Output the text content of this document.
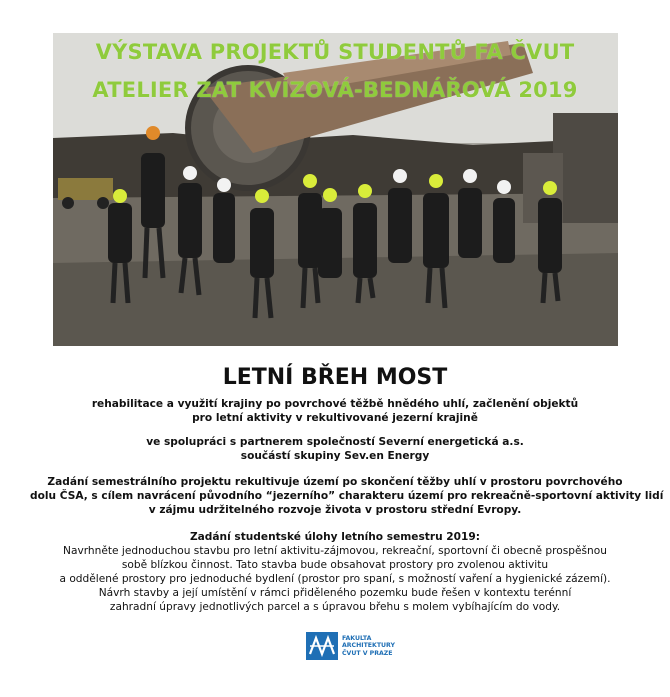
VÝSTAVA PROJEKTŮ STUDENTŮ FA ČVUT
ATELIER ZAT KVÍZOVÁ-BEDNÁŘOVÁ 2019
LETNÍ BŘEH MOST
rehabilitace a využití krajiny po povrchové těžbě hnědého uhlí, začlenění objektů
pro letní aktivity v rekultivované jezerní krajině
ve spolupráci s partnerem společností Severní energetická a.s.
součástí skupiny Sev.en Energy
Zadání semestrálního projektu rekultivuje území po skončení těžby uhlí v prostoru povrchového
dolu ČSA, s cílem navrácení původního “jezerního” charakteru území pro rekreačně-sportovní aktivity lidí
v zájmu udržitelného rozvoje života v prostoru střední Evropy.
Zadání studentské úlohy letního semestru 2019:
Navrhněte jednoduchou stavbu pro letní aktivitu-zájmovou, rekreační, sportovní či obecně prospěšnou
sobě blízkou činnost. Tato stavba bude obsahovat prostory pro zvolenou aktivitu
a oddělené prostory pro jednoduché bydlení (prostor pro spaní, s možností vaření a hygienické zázemí).
Návrh stavby a její umístění v rámci přiděleného pozemku bude řešen v kontextu terénní
zahradní úpravy jednotlivých parcel a s úpravou břehu s molem vybíhajícím do vody.
FAKULTA
ARCHITEKTURY
ČVUT V PRAZE
